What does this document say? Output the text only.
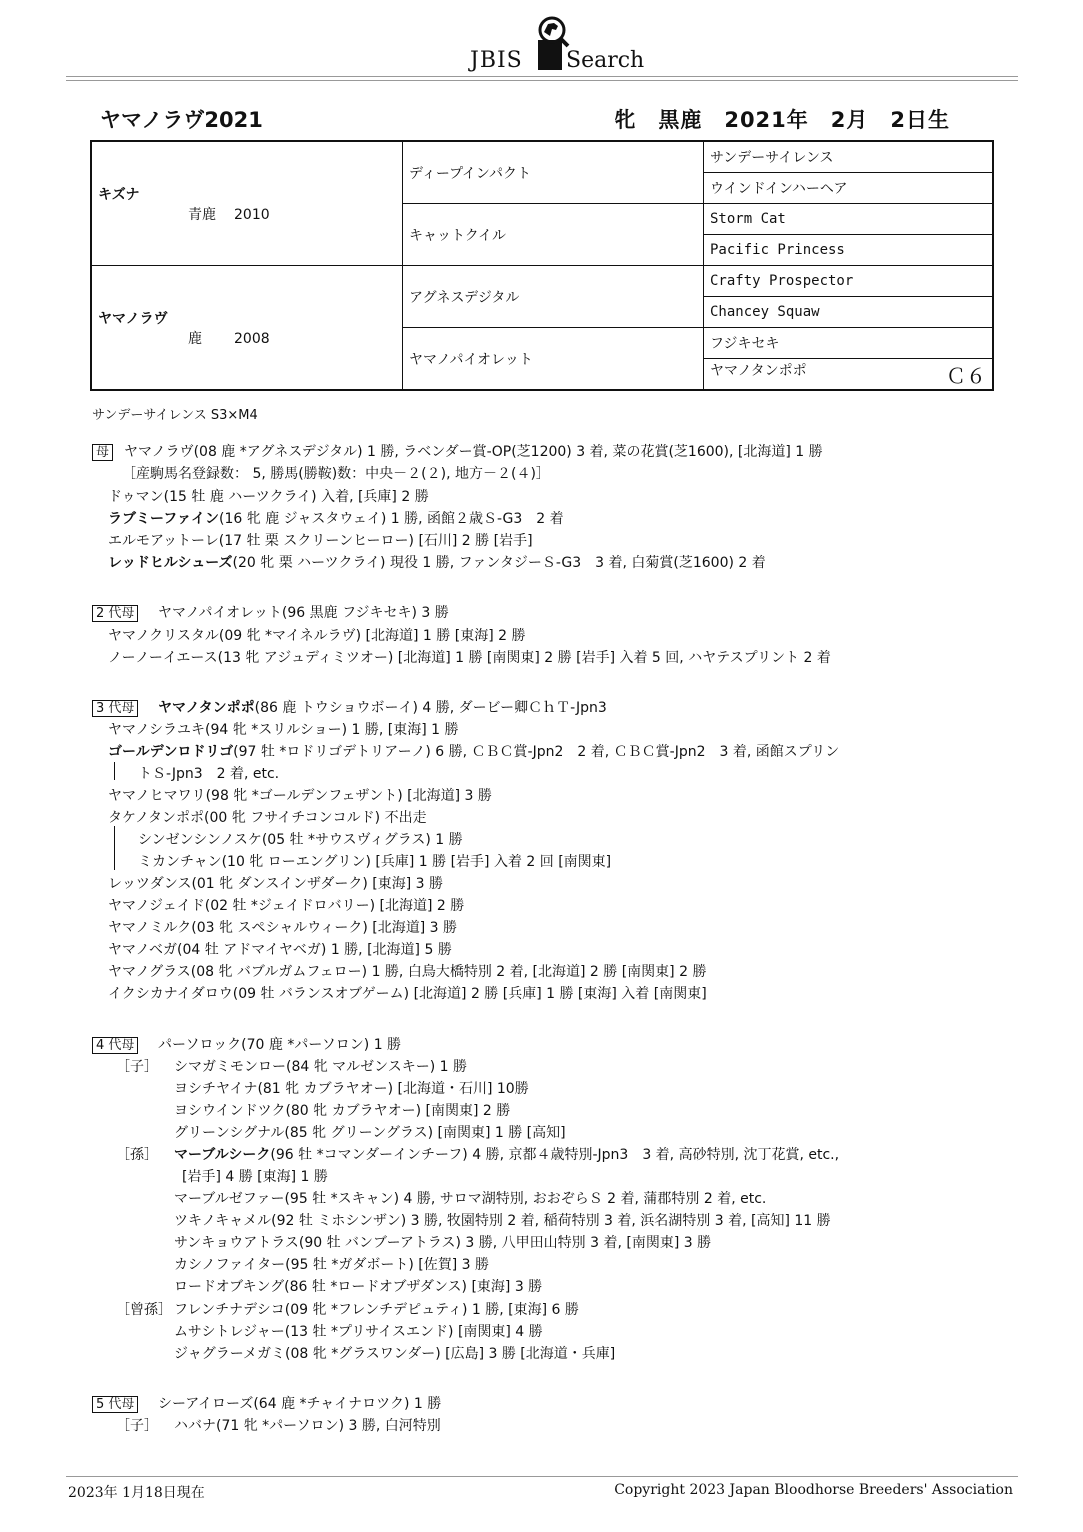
JBIS Search
ヤマノラヴ2021	牝　黒鹿　2021年　2月　2日生
キズナ
青鹿 2010	ディープインパクト	サンデーサイレンス
		ウインドインハーヘア
	キャットクイル	Storm Cat
		Pacific Princess

ヤマノラヴ
鹿 2008	アグネスデジタル	Crafty Prospector
		Chancey Squaw
	ヤマノパイオレット	フジキセキ
		ヤマノタンポポ Ｃ６
サンデーサイレンス S3×M4
母 ヤマノラヴ(08 鹿 *アグネスデジタル) 1 勝, ラベンダー賞-OP(芝1200) 3 着, 菜の花賞(芝1600), [北海道] 1 勝
［産駒馬名登録数： 5, 勝馬(勝鞍)数：中央－２(２), 地方－２(４)］
ドゥマン(15 牡 鹿 ハーツクライ) 入着, [兵庫] 2 勝
ラブミーファイン(16 牝 鹿 ジャスタウェイ) 1 勝, 函館２歳Ｓ-G3　2 着
エルモアットーレ(17 牡 栗 スクリーンヒーロー) [石川] 2 勝 [岩手]
レッドヒルシューズ(20 牝 栗 ハーツクライ) 現役 1 勝, ファンタジーＳ-G3　3 着, 白菊賞(芝1600) 2 着
2 代母 ヤマノパイオレット(96 黒鹿 フジキセキ) 3 勝
ヤマノクリスタル(09 牝 *マイネルラヴ) [北海道] 1 勝 [東海] 2 勝
ノーノーイエース(13 牝 アジュディミツオー) [北海道] 1 勝 [南関東] 2 勝 [岩手] 入着 5 回, ハヤテスプリント 2 着
3 代母 ヤマノタンポポ(86 鹿 トウショウボーイ) 4 勝, ダービー卿ＣｈＴ-Jpn3
ヤマノシラユキ(94 牝 *スリルショー) 1 勝, [東海] 1 勝
ゴールデンロドリゴ(97 牡 *ロドリゴデトリアーノ) 6 勝, ＣＢＣ賞-Jpn2　2 着, ＣＢＣ賞-Jpn2　3 着, 函館スプリン
トＳ-Jpn3　2 着, etc.
ヤマノヒマワリ(98 牝 *ゴールデンフェザント) [北海道] 3 勝
タケノタンポポ(00 牝 フサイチコンコルド) 不出走
シンゼンシンノスケ(05 牡 *サウスヴィグラス) 1 勝
ミカンチャン(10 牝 ローエングリン) [兵庫] 1 勝 [岩手] 入着 2 回 [南関東]
レッツダンス(01 牝 ダンスインザダーク) [東海] 3 勝
ヤマノジェイド(02 牡 *ジェイドロバリー) [北海道] 2 勝
ヤマノミルク(03 牝 スペシャルウィーク) [北海道] 3 勝
ヤマノベガ(04 牡 アドマイヤベガ) 1 勝, [北海道] 5 勝
ヤマノグラス(08 牝 バブルガムフェロー) 1 勝, 白鳥大橋特別 2 着, [北海道] 2 勝 [南関東] 2 勝
イクシカナイダロウ(09 牡 バランスオブゲーム) [北海道] 2 勝 [兵庫] 1 勝 [東海] 入着 [南関東]
4 代母 パーソロック(70 鹿 *パーソロン) 1 勝
［子］ シマガミモンロー(84 牝 マルゼンスキー) 1 勝
ヨシチヤイナ(81 牝 カブラヤオー) [北海道・石川] 10勝
ヨシウインドツク(80 牝 カブラヤオー) [南関東] 2 勝
グリーンシグナル(85 牝 グリーングラス) [南関東] 1 勝 [高知]
［孫］ マーブルシーク(96 牡 *コマンダーインチーフ) 4 勝, 京都４歳特別-Jpn3　3 着, 高砂特別, 沈丁花賞, etc.,
[岩手] 4 勝 [東海] 1 勝
マーブルゼファー(95 牡 *スキャン) 4 勝, サロマ湖特別, おおぞらＳ 2 着, 蒲郡特別 2 着, etc.
ツキノキャメル(92 牡 ミホシンザン) 3 勝, 牧園特別 2 着, 稲荷特別 3 着, 浜名湖特別 3 着, [高知] 11 勝
サンキョウアトラス(90 牡 バンブーアトラス) 3 勝, 八甲田山特別 3 着, [南関東] 3 勝
カシノファイター(95 牡 *ガダボート) [佐賀] 3 勝
ロードオブキング(86 牡 *ロードオブザダンス) [東海] 3 勝
［曾孫］ フレンチナデシコ(09 牝 *フレンチデピュティ) 1 勝, [東海] 6 勝
ムサシトレジャー(13 牡 *プリサイスエンド) [南関東] 4 勝
ジャグラーメガミ(08 牝 *グラスワンダー) [広島] 3 勝 [北海道・兵庫]
5 代母 シーアイローズ(64 鹿 *チャイナロツク) 1 勝
［子］ ハバナ(71 牝 *パーソロン) 3 勝, 白河特別
2023年 1月18日現在	Copyright 2023 Japan Bloodhorse Breeders' Association
